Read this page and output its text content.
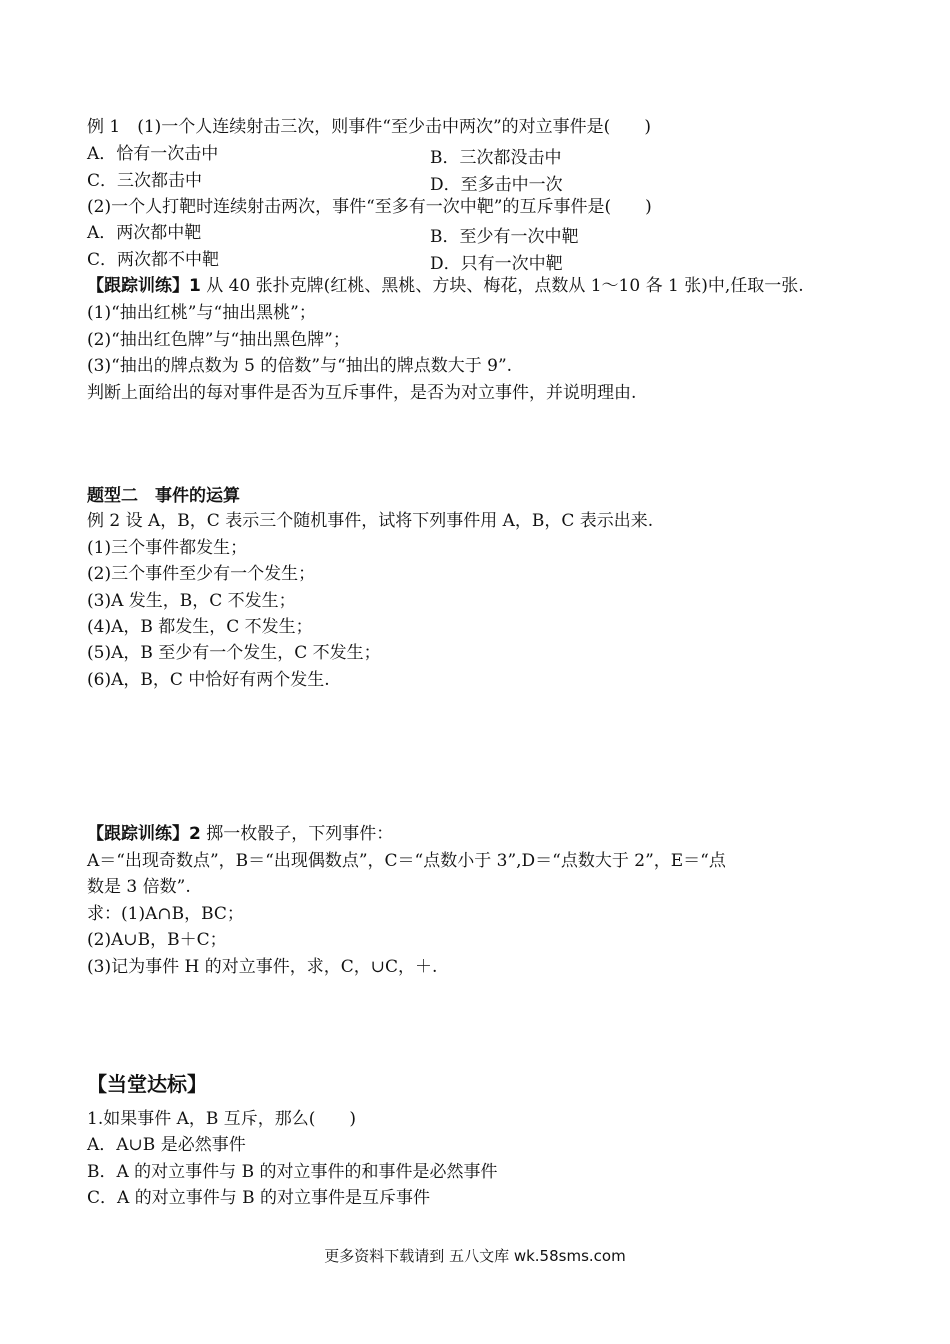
例 1　(1)一个人连续射击三次，则事件“至少击中两次”的对立事件是(　　)
A．恰有一次击中	B．三次都没击中
C．三次都击中	D．至多击中一次
(2)一个人打靶时连续射击两次，事件“至多有一次中靶”的互斥事件是(　　)
A．两次都中靶	B．至少有一次中靶
C．两次都不中靶	D．只有一次中靶
【跟踪训练】1 从 40 张扑克牌(红桃、黑桃、方块、梅花，点数从 1～10 各 1 张)中,任取一张.
(1)“抽出红桃”与“抽出黑桃”；
(2)“抽出红色牌”与“抽出黑色牌”；
(3)“抽出的牌点数为 5 的倍数”与“抽出的牌点数大于 9”.
判断上面给出的每对事件是否为互斥事件，是否为对立事件，并说明理由.
题型二　事件的运算
例 2 设 A，B，C 表示三个随机事件，试将下列事件用 A，B，C 表示出来.
(1)三个事件都发生；
(2)三个事件至少有一个发生；
(3)A 发生，B，C 不发生；
(4)A，B 都发生，C 不发生；
(5)A，B 至少有一个发生，C 不发生；
(6)A，B，C 中恰好有两个发生.
【跟踪训练】2 掷一枚骰子，下列事件：
A＝“出现奇数点”，B＝“出现偶数点”，C＝“点数小于 3”,D＝“点数大于 2”，E＝“点
数是 3 倍数”.
求：(1)A∩B，BC；
(2)A∪B，B＋C；
(3)记为事件 H 的对立事件，求，C，∪C，＋.
【当堂达标】
1.如果事件 A，B 互斥，那么(　　)
A．A∪B 是必然事件
B．A 的对立事件与 B 的对立事件的和事件是必然事件
C．A 的对立事件与 B 的对立事件是互斥事件
更多资料下载请到 五八文库 wk.58sms.com
